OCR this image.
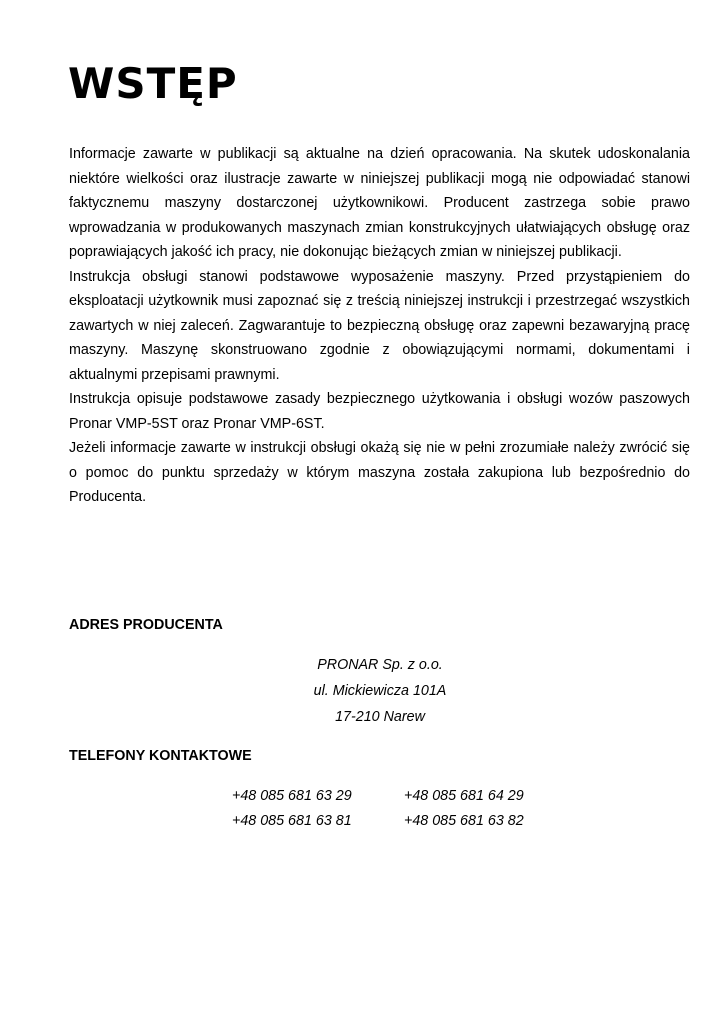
WSTĘP

Informacje zawarte w publikacji są aktualne na dzień opracowania. Na skutek udoskonalania niektóre wielkości oraz ilustracje zawarte w niniejszej publikacji mogą nie odpowiadać stanowi faktycznemu maszyny dostarczonej użytkownikowi. Producent zastrzega sobie prawo wprowadzania w produkowanych maszynach zmian konstrukcyjnych ułatwiających obsługę oraz poprawiających jakość ich pracy, nie dokonując bieżących zmian w niniejszej publikacji.

Instrukcja obsługi stanowi podstawowe wyposażenie maszyny. Przed przystąpieniem do eksploatacji użytkownik musi zapoznać się z treścią niniejszej instrukcji i przestrzegać wszystkich zawartych w niej zaleceń. Zagwarantuje to bezpieczną obsługę oraz zapewni bezawaryjną pracę maszyny. Maszynę skonstruowano zgodnie z obowiązującymi normami, dokumentami i aktualnymi przepisami prawnymi.

Instrukcja opisuje podstawowe zasady bezpiecznego użytkowania i obsługi wozów paszowych Pronar VMP-5ST oraz Pronar VMP-6ST.

Jeżeli informacje zawarte w instrukcji obsługi okażą się nie w pełni zrozumiałe należy zwrócić się o pomoc do punktu sprzedaży w którym maszyna została zakupiona lub bezpośrednio do Producenta.

ADRES PRODUCENTA
PRONAR Sp. z o.o.
ul. Mickiewicza 101A
17-210 Narew
TELEFONY KONTAKTOWE
+48 085 681 63 29	+48 085 681 64 29
+48 085 681 63 81	+48 085 681 63 82
